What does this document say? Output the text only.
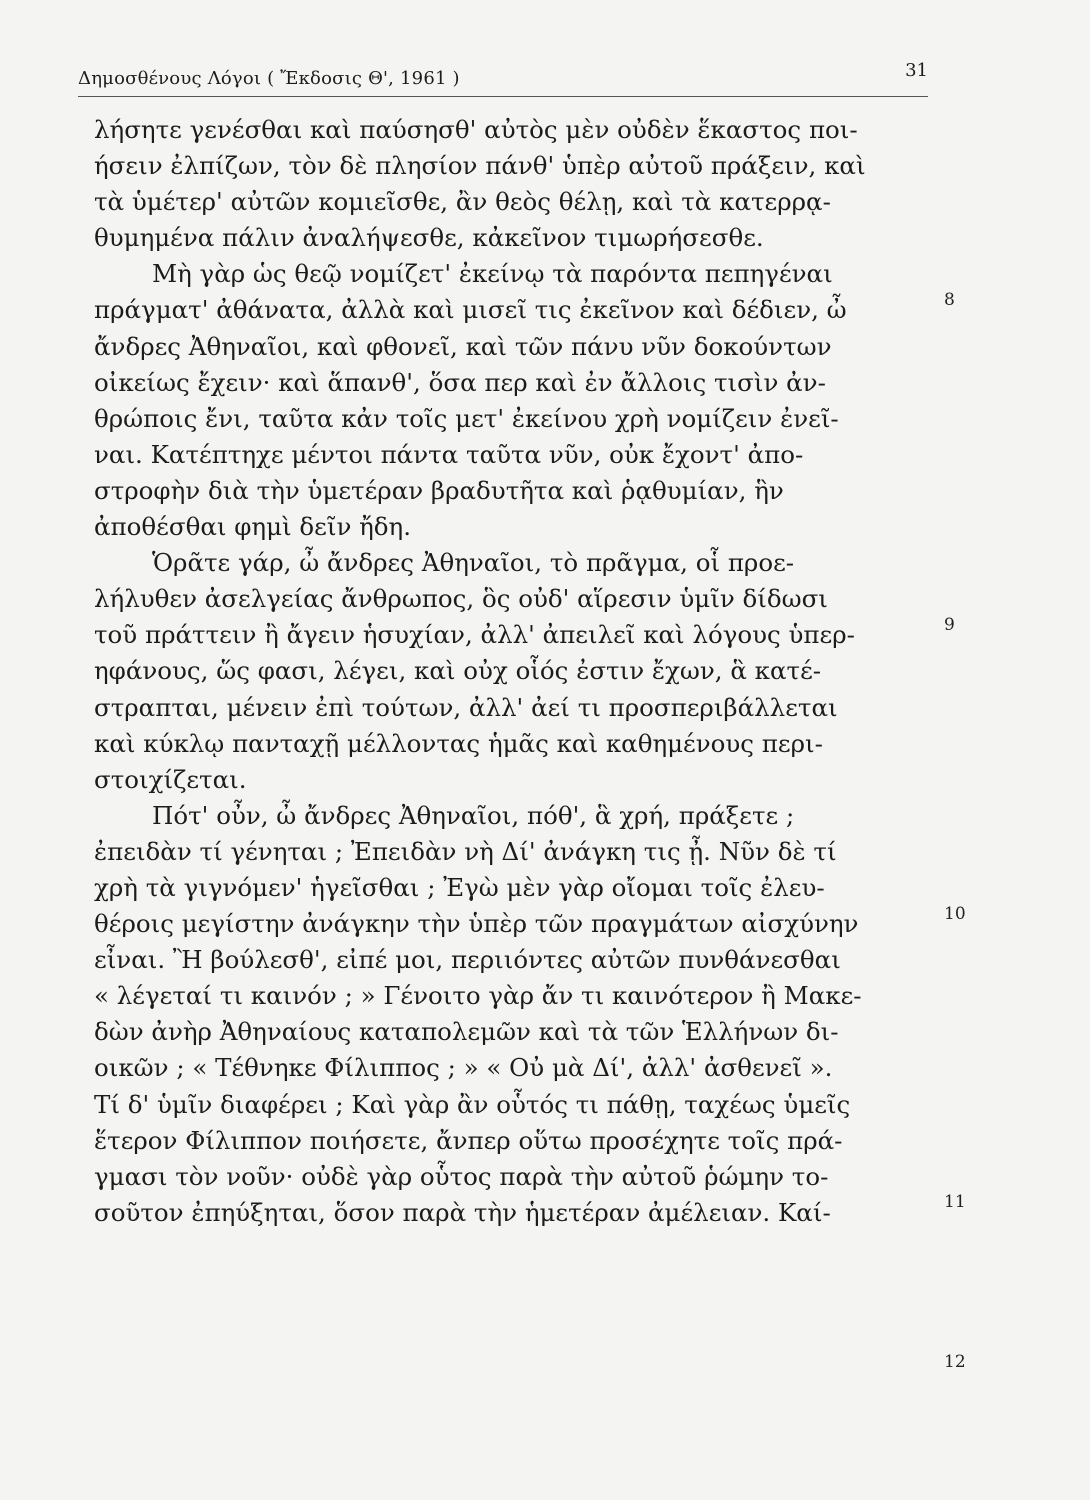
Δημοσθένους Λόγοι ( Ἔκδοσις Θ', 1961 )	31
λήσητε γενέσθαι καὶ παύσησθ' αὐτὸς μὲν οὐδὲν ἕκαστος ποι-
ήσειν ἐλπίζων, τὸν δὲ πλησίον πάνθ' ὑπὲρ αὐτοῦ πράξειν, καὶ
τὰ ὑμέτερ' αὐτῶν κομιεῖσθε, ἂν θεὸς θέλῃ, καὶ τὰ κατερρᾳ-
θυμημένα πάλιν ἀναλήψεσθε, κἀκεῖνον τιμωρήσεσθε.
Μὴ γὰρ ὡς θεῷ νομίζετ' ἐκείνῳ τὰ παρόντα πεπηγέναι
πράγματ' ἀθάνατα, ἀλλὰ καὶ μισεῖ τις ἐκεῖνον καὶ δέδιεν, ὦ
ἄνδρες Ἀθηναῖοι, καὶ φθονεῖ, καὶ τῶν πάνυ νῦν δοκούντων
οἰκείως ἔχειν· καὶ ἅπανθ', ὅσα περ καὶ ἐν ἄλλοις τισὶν ἀν-
θρώποις ἔνι, ταῦτα κἀν τοῖς μετ' ἐκείνου χρὴ νομίζειν ἐνεῖ-
ναι. Κατέπτηχε μέντοι πάντα ταῦτα νῦν, οὐκ ἔχοντ' ἀπο-
στροφὴν διὰ τὴν ὑμετέραν βραδυτῆτα καὶ ῥᾳθυμίαν, ἣν
ἀποθέσθαι φημὶ δεῖν ἤδη.
Ὁρᾶτε γάρ, ὦ ἄνδρες Ἀθηναῖοι, τὸ πρᾶγμα, οἷ προε-
λήλυθεν ἀσελγείας ἄνθρωπος, ὃς οὐδ' αἵρεσιν ὑμῖν δίδωσι
τοῦ πράττειν ἢ ἄγειν ἡσυχίαν, ἀλλ' ἀπειλεῖ καὶ λόγους ὑπερ-
ηφάνους, ὥς φασι, λέγει, καὶ οὐχ οἷός ἐστιν ἔχων, ἃ κατέ-
στραπται, μένειν ἐπὶ τούτων, ἀλλ' ἀεί τι προσπεριβάλλεται
καὶ κύκλῳ πανταχῇ μέλλοντας ἡμᾶς καὶ καθημένους περι-
στοιχίζεται.
Πότ' οὖν, ὦ ἄνδρες Ἀθηναῖοι, πόθ', ἃ χρή, πράξετε ;
ἐπειδὰν τί γένηται ; Ἐπειδὰν νὴ Δί' ἀνάγκη τις ᾖ. Νῦν δὲ τί
χρὴ τὰ γιγνόμεν' ἡγεῖσθαι ; Ἐγὼ μὲν γὰρ οἴομαι τοῖς ἐλευ-
θέροις μεγίστην ἀνάγκην τὴν ὑπὲρ τῶν πραγμάτων αἰσχύνην
εἶναι. Ἢ βούλεσθ', εἰπέ μοι, περιιόντες αὐτῶν πυνθάνεσθαι
« λέγεταί τι καινόν ; » Γένοιτο γὰρ ἄν τι καινότερον ἢ Μακε-
δὼν ἀνὴρ Ἀθηναίους καταπολεμῶν καὶ τὰ τῶν Ἑλλήνων δι-
οικῶν ; « Τέθνηκε Φίλιππος ; » « Οὐ μὰ Δί', ἀλλ' ἀσθενεῖ ».
Τί δ' ὑμῖν διαφέρει ; Καὶ γὰρ ἂν οὗτός τι πάθῃ, ταχέως ὑμεῖς
ἕτερον Φίλιππον ποιήσετε, ἄνπερ οὕτω προσέχητε τοῖς πρά-
γμασι τὸν νοῦν· οὐδὲ γὰρ οὗτος παρὰ τὴν αὐτοῦ ῥώμην το-
σοῦτον ἐπηύξηται, ὅσον παρὰ τὴν ἡμετέραν ἀμέλειαν. Καί-
8
9
10
11
12
